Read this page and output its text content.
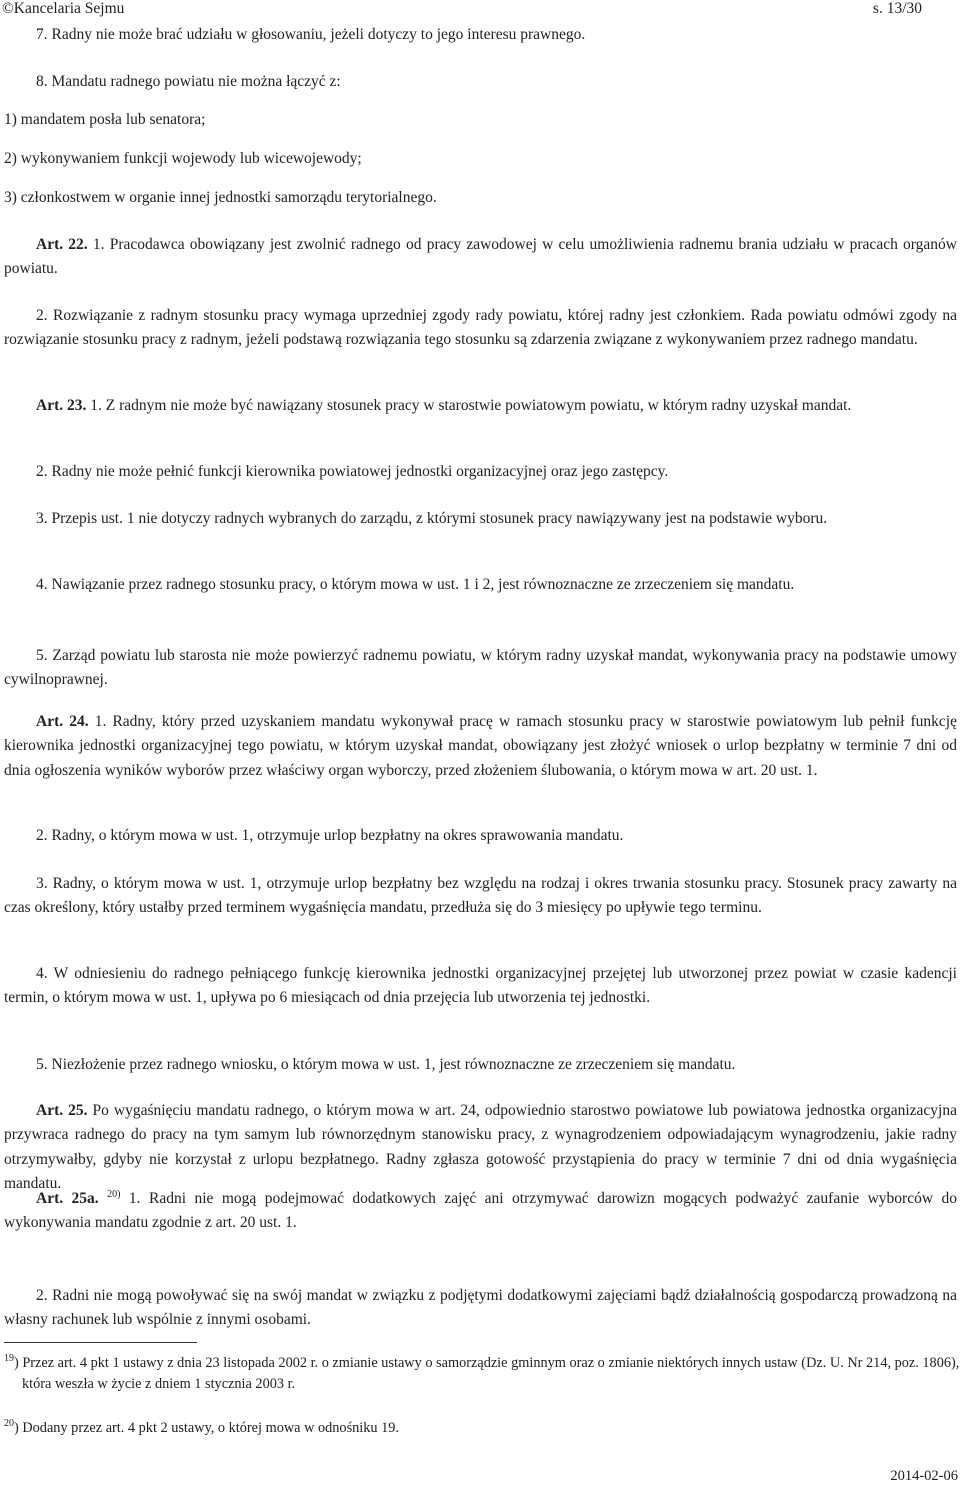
©Kancelaria Sejmu	s. 13/30

7. Radny nie może brać udziału w głosowaniu, jeżeli dotyczy to jego interesu prawnego.

8. Mandatu radnego powiatu nie można łączyć z:

1) mandatem posła lub senatora;

2) wykonywaniem funkcji wojewody lub wicewojewody;

3) członkostwem w organie innej jednostki samorządu terytorialnego.

Art. 22. 1. Pracodawca obowiązany jest zwolnić radnego od pracy zawodowej w celu umożliwienia radnemu brania udziału w pracach organów powiatu.

2. Rozwiązanie z radnym stosunku pracy wymaga uprzedniej zgody rady powiatu, której radny jest członkiem. Rada powiatu odmówi zgody na rozwiązanie stosunku pracy z radnym, jeżeli podstawą rozwiązania tego stosunku są zdarzenia związane z wykonywaniem przez radnego mandatu.

Art. 23. 1. Z radnym nie może być nawiązany stosunek pracy w starostwie powiatowym powiatu, w którym radny uzyskał mandat.

2. Radny nie może pełnić funkcji kierownika powiatowej jednostki organizacyjnej oraz jego zastępcy.

3. Przepis ust. 1 nie dotyczy radnych wybranych do zarządu, z którymi stosunek pracy nawiązywany jest na podstawie wyboru.

4. Nawiązanie przez radnego stosunku pracy, o którym mowa w ust. 1 i 2, jest równoznaczne ze zrzeczeniem się mandatu.

5. Zarząd powiatu lub starosta nie może powierzyć radnemu powiatu, w którym radny uzyskał mandat, wykonywania pracy na podstawie umowy cywilnoprawnej.

Art. 24. 1. Radny, który przed uzyskaniem mandatu wykonywał pracę w ramach stosunku pracy w starostwie powiatowym lub pełnił funkcję kierownika jednostki organizacyjnej tego powiatu, w którym uzyskał mandat, obowiązany jest złożyć wniosek o urlop bezpłatny w terminie 7 dni od dnia ogłoszenia wyników wyborów przez właściwy organ wyborczy, przed złożeniem ślubowania, o którym mowa w art. 20 ust. 1.

2. Radny, o którym mowa w ust. 1, otrzymuje urlop bezpłatny na okres sprawowania mandatu.

3. Radny, o którym mowa w ust. 1, otrzymuje urlop bezpłatny bez względu na rodzaj i okres trwania stosunku pracy. Stosunek pracy zawarty na czas określony, który ustałby przed terminem wygaśnięcia mandatu, przedłuża się do 3 miesięcy po upływie tego terminu.

4. W odniesieniu do radnego pełniącego funkcję kierownika jednostki organizacyjnej przejętej lub utworzonej przez powiat w czasie kadencji termin, o którym mowa w ust. 1, upływa po 6 miesiącach od dnia przejęcia lub utworzenia tej jednostki.

5. Niezłożenie przez radnego wniosku, o którym mowa w ust. 1, jest równoznaczne ze zrzeczeniem się mandatu.

Art. 25. Po wygaśnięciu mandatu radnego, o którym mowa w art. 24, odpowiednio starostwo powiatowe lub powiatowa jednostka organizacyjna przywraca radnego do pracy na tym samym lub równorzędnym stanowisku pracy, z wynagrodzeniem odpowiadającym wynagrodzeniu, jakie radny otrzymywałby, gdyby nie korzystał z urlopu bezpłatnego. Radny zgłasza gotowość przystąpienia do pracy w terminie 7 dni od dnia wygaśnięcia mandatu.

Art. 25a. $^{20)}$ 1. Radni nie mogą podejmować dodatkowych zajęć ani otrzymywać darowizn mogących podważyć zaufanie wyborców do wykonywania mandatu zgodnie z art. 20 ust. 1.

2. Radni nie mogą powoływać się na swój mandat w związku z podjętymi dodatkowymi zajęciami bądź działalnością gospodarczą prowadzoną na własny rachunek lub wspólnie z innymi osobami.

$^{19}$) Przez art. 4 pkt 1 ustawy z dnia 23 listopada 2002 r. o zmianie ustawy o samorządzie gminnym oraz o zmianie niektórych innych ustaw (Dz. U. Nr 214, poz. 1806), która weszła w życie z dniem 1 stycznia 2003 r.

$^{20}$) Dodany przez art. 4 pkt 2 ustawy, o której mowa w odnośniku 19.

2014-02-06
